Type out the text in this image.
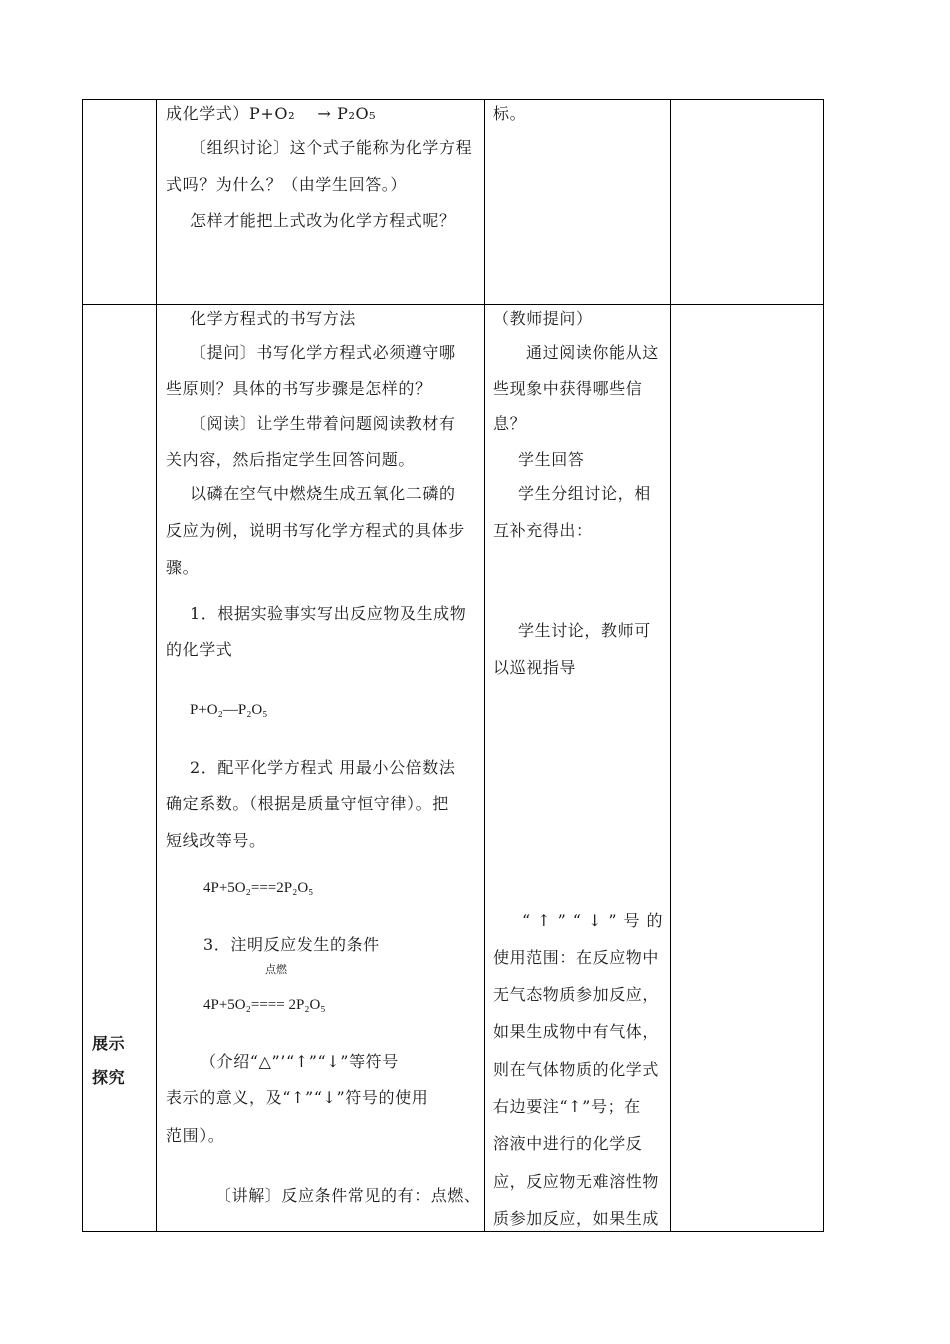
成化学式）P+O₂　 → P₂O₅
〔组织讨论〕这个式子能称为化学方程
式吗？为什么？（由学生回答。）
怎样才能把上式改为化学方程式呢？
标。
展示
探究
化学方程式的书写方法
〔提问〕书写化学方程式必须遵守哪
些原则？具体的书写步骤是怎样的？
〔阅读〕让学生带着问题阅读教材有
关内容，然后指定学生回答问题。
以磷在空气中燃烧生成五氧化二磷的
反应为例，说明书写化学方程式的具体步
骤。
1．根据实验事实写出反应物及生成物
的化学式
P+O₂—P₂O₅
2．配平化学方程式 用最小公倍数法
确定系数。（根据是质量守恒守律）。把
短线改等号。
4P+5O₂===2P₂O₅
3．注明反应发生的条件
点燃
4P+5O₂==== 2P₂O₅
（介绍“△”’“↑”“↓”等符号
表示的意义，及“↑”“↓”符号的使用
范围）。
〔讲解〕反应条件常见的有：点燃、
（教师提问）
通过阅读你能从这
些现象中获得哪些信
息？
学生回答
学生分组讨论，相
互补充得出：
学生讨论，教师可
以巡视指导
“↑”“↓”号的
使用范围：在反应物中
无气态物质参加反应，
如果生成物中有气体，
则在气体物质的化学式
右边要注“↑”号；在
溶液中进行的化学反
应，反应物无难溶性物
质参加反应，如果生成
